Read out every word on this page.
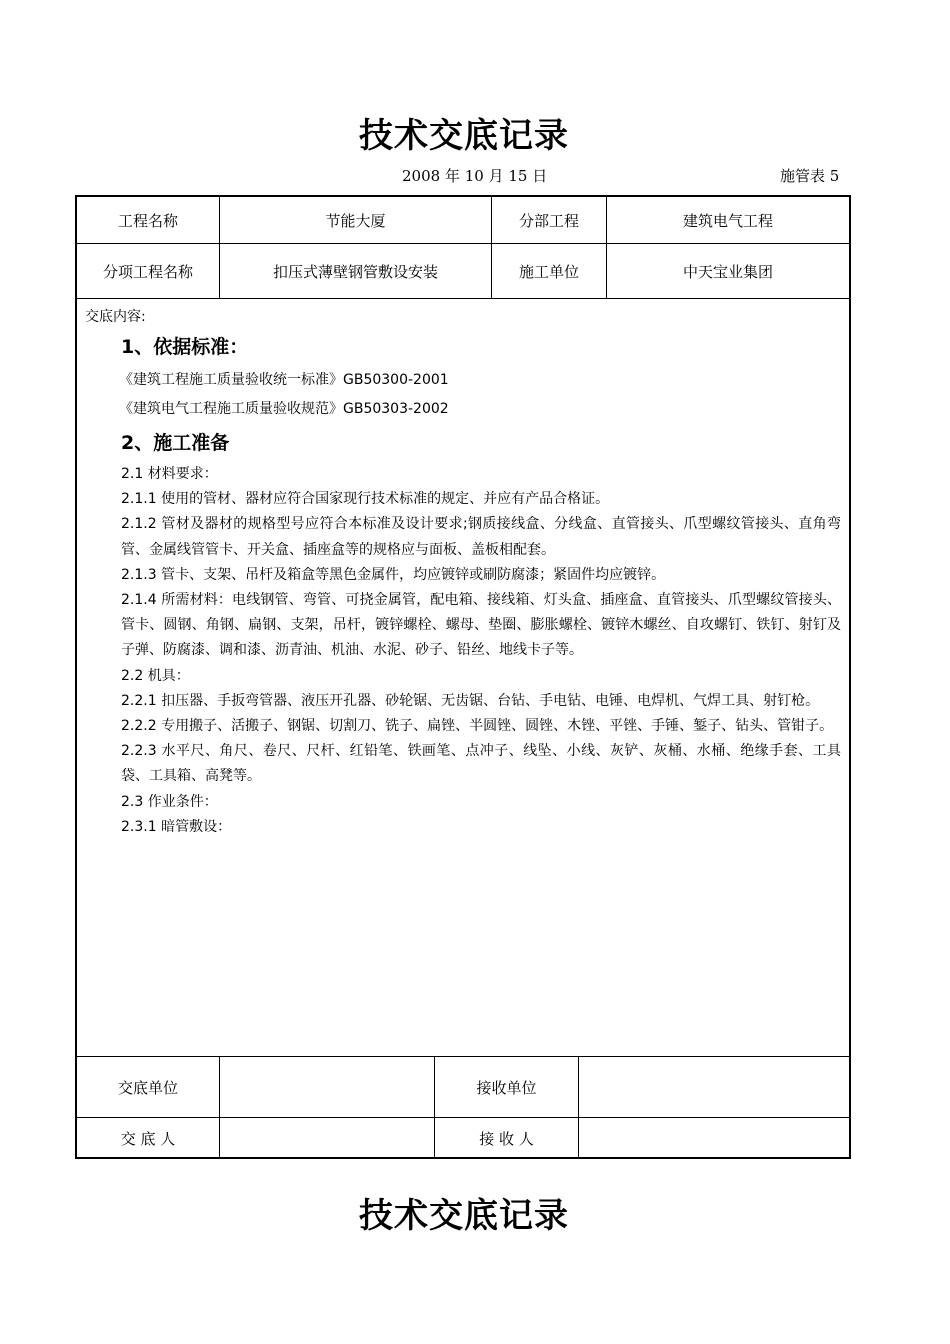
技术交底记录
2008 年 10 月 15 日	施管表 5
工程名称	节能大厦	分部工程	建筑电气工程
分项工程名称	扣压式薄壁钢管敷设安装	施工单位	中天宝业集团
交底内容:
1、依据标准：
《建筑工程施工质量验收统一标准》GB50300-2001
《建筑电气工程施工质量验收规范》GB50303-2002
2、施工准备
2.1 材料要求：
2.1.1 使用的管材、器材应符合国家现行技术标准的规定、并应有产品合格证。
2.1.2 管材及器材的规格型号应符合本标准及设计要求;钢质接线盒、分线盒、直管接头、爪型螺纹管接头、直角弯管、金属线管管卡、开关盒、插座盒等的规格应与面板、盖板相配套。
2.1.3 管卡、支架、吊杆及箱盒等黑色金属件，均应镀锌或刷防腐漆；紧固件均应镀锌。
2.1.4 所需材料：电线钢管、弯管、可挠金属管，配电箱、接线箱、灯头盒、插座盒、直管接头、爪型螺纹管接头、管卡、圆钢、角钢、扁钢、支架，吊杆，镀锌螺栓、螺母、垫圈、膨胀螺栓、镀锌木螺丝、自攻螺钉、铁钉、射钉及子弹、防腐漆、调和漆、沥青油、机油、水泥、砂子、铅丝、地线卡子等。
2.2 机具：
2.2.1 扣压器、手扳弯管器、液压开孔器、砂轮锯、无齿锯、台钻、手电钻、电锤、电焊机、气焊工具、射钉枪。
2.2.2 专用搬子、活搬子、钢锯、切割刀、铣子、扁锉、半圆锉、圆锉、木锉、平锉、手锤、錾子、钻头、管钳子。
2.2.3 水平尺、角尺、卷尺、尺杆、红铅笔、铁画笔、点冲子、线坠、小线、灰铲、灰桶、水桶、绝缘手套、工具袋、工具箱、高凳等。
2.3 作业条件：
2.3.1 暗管敷设：
交底单位	接收单位
交 底 人	接 收 人
技术交底记录
